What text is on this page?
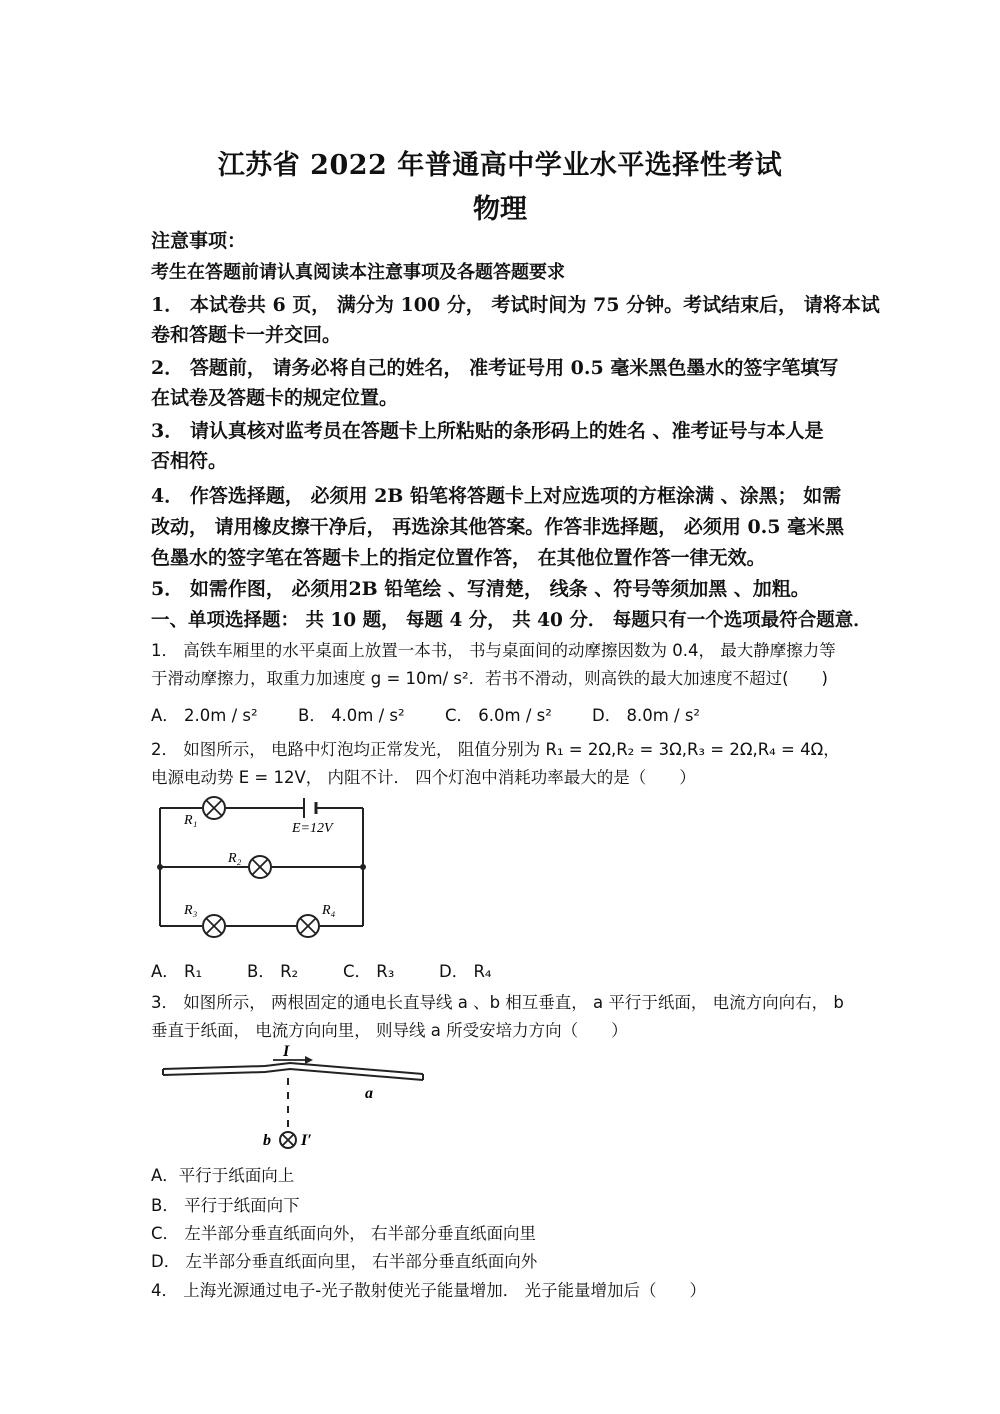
江苏省 2022 年普通高中学业水平选择性考试
物理
注意事项：
考生在答题前请认真阅读本注意事项及各题答题要求
1． 本试卷共 6 页， 满分为 100 分， 考试时间为 75 分钟。考试结束后， 请将本试
卷和答题卡一并交回。
2． 答题前， 请务必将自己的姓名， 准考证号用 0.5 毫米黑色墨水的签字笔填写
在试卷及答题卡的规定位置。
3． 请认真核对监考员在答题卡上所粘贴的条形码上的姓名 、准考证号与本人是
否相符。
4． 作答选择题， 必须用 2B 铅笔将答题卡上对应选项的方框涂满 、涂黑； 如需
改动， 请用橡皮擦干净后， 再选涂其他答案。作答非选择题， 必须用 0.5 毫米黑
色墨水的签字笔在答题卡上的指定位置作答， 在其他位置作答一律无效。
5． 如需作图， 必须用2B 铅笔绘 、写清楚， 线条 、符号等须加黑 、加粗。
一、单项选择题： 共 10 题， 每题 4 分， 共 40 分． 每题只有一个选项最符合题意．
1． 高铁车厢里的水平桌面上放置一本书， 书与桌面间的动摩擦因数为 0.4， 最大静摩擦力等
于滑动摩擦力，取重力加速度 g = 10m/ s²．若书不滑动，则高铁的最大加速度不超过(　　)
A． 2.0m / s² B． 4.0m / s² C． 6.0m / s² D． 8.0m / s²
2． 如图所示， 电路中灯泡均正常发光， 阻值分别为 R₁ = 2Ω,R₂ = 3Ω,R₃ = 2Ω,R₄ = 4Ω，
电源电动势 E = 12V， 内阻不计． 四个灯泡中消耗功率最大的是（　　）
R₁
R₂
R₃	R₄
E=12V
A． R₁	B． R₂	C． R₃	D． R₄
3． 如图所示， 两根固定的通电长直导线 a 、b 相互垂直， a 平行于纸面， 电流方向向右， b
垂直于纸面， 电流方向向里， 则导线 a 所受安培力方向（　　）
I
a
b I′
A．平行于纸面向上
B． 平行于纸面向下
C． 左半部分垂直纸面向外， 右半部分垂直纸面向里
D． 左半部分垂直纸面向里， 右半部分垂直纸面向外
4． 上海光源通过电子-光子散射使光子能量增加． 光子能量增加后（　　）
